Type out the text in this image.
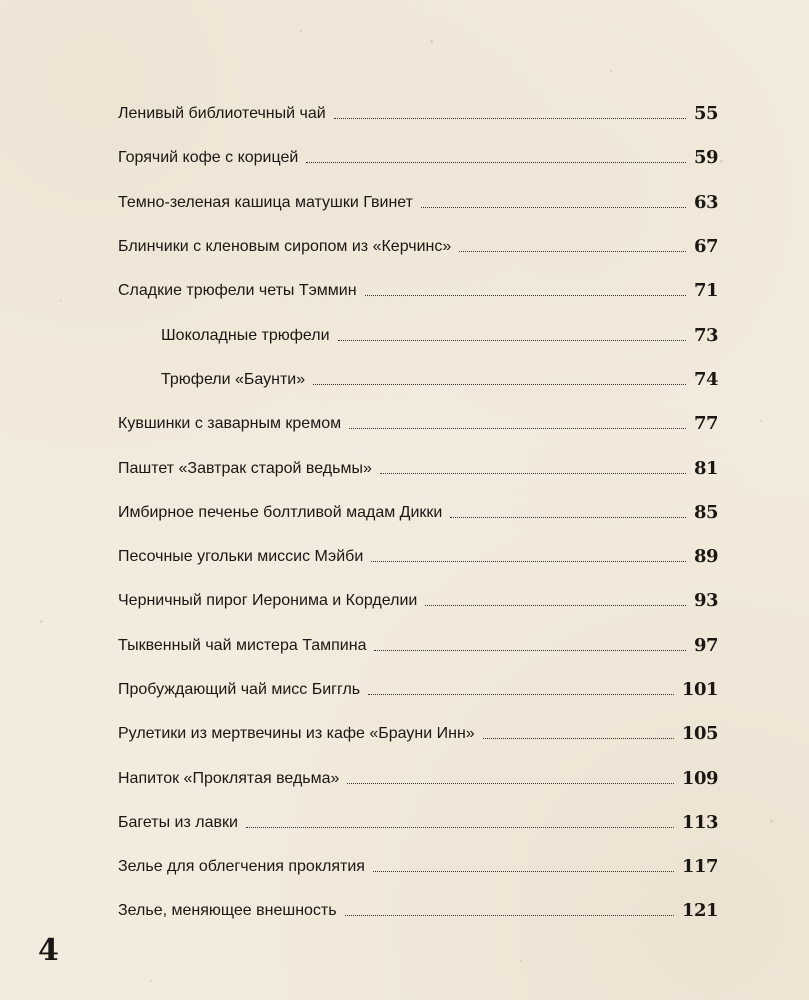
Ленивый библиотечный чай	55
Горячий кофе с корицей	59
Темно-зеленая кашица матушки Гвинет	63
Блинчики с кленовым сиропом из «Керчинс»	67
Сладкие трюфели четы Тэммин	71
Шоколадные трюфели	73
Трюфели «Баунти»	74
Кувшинки с заварным кремом	77
Паштет «Завтрак старой ведьмы»	81
Имбирное печенье болтливой мадам Дикки	85
Песочные угольки миссис Мэйби	89
Черничный пирог Иеронима и Корделии	93
Тыквенный чай мистера Тампина	97
Пробуждающий чай мисс Биггль	101
Рулетики из мертвечины из кафе «Брауни Инн»	105
Напиток «Проклятая ведьма»	109
Багеты из лавки	113
Зелье для облегчения проклятия	117
Зелье, меняющее внешность	121
4
